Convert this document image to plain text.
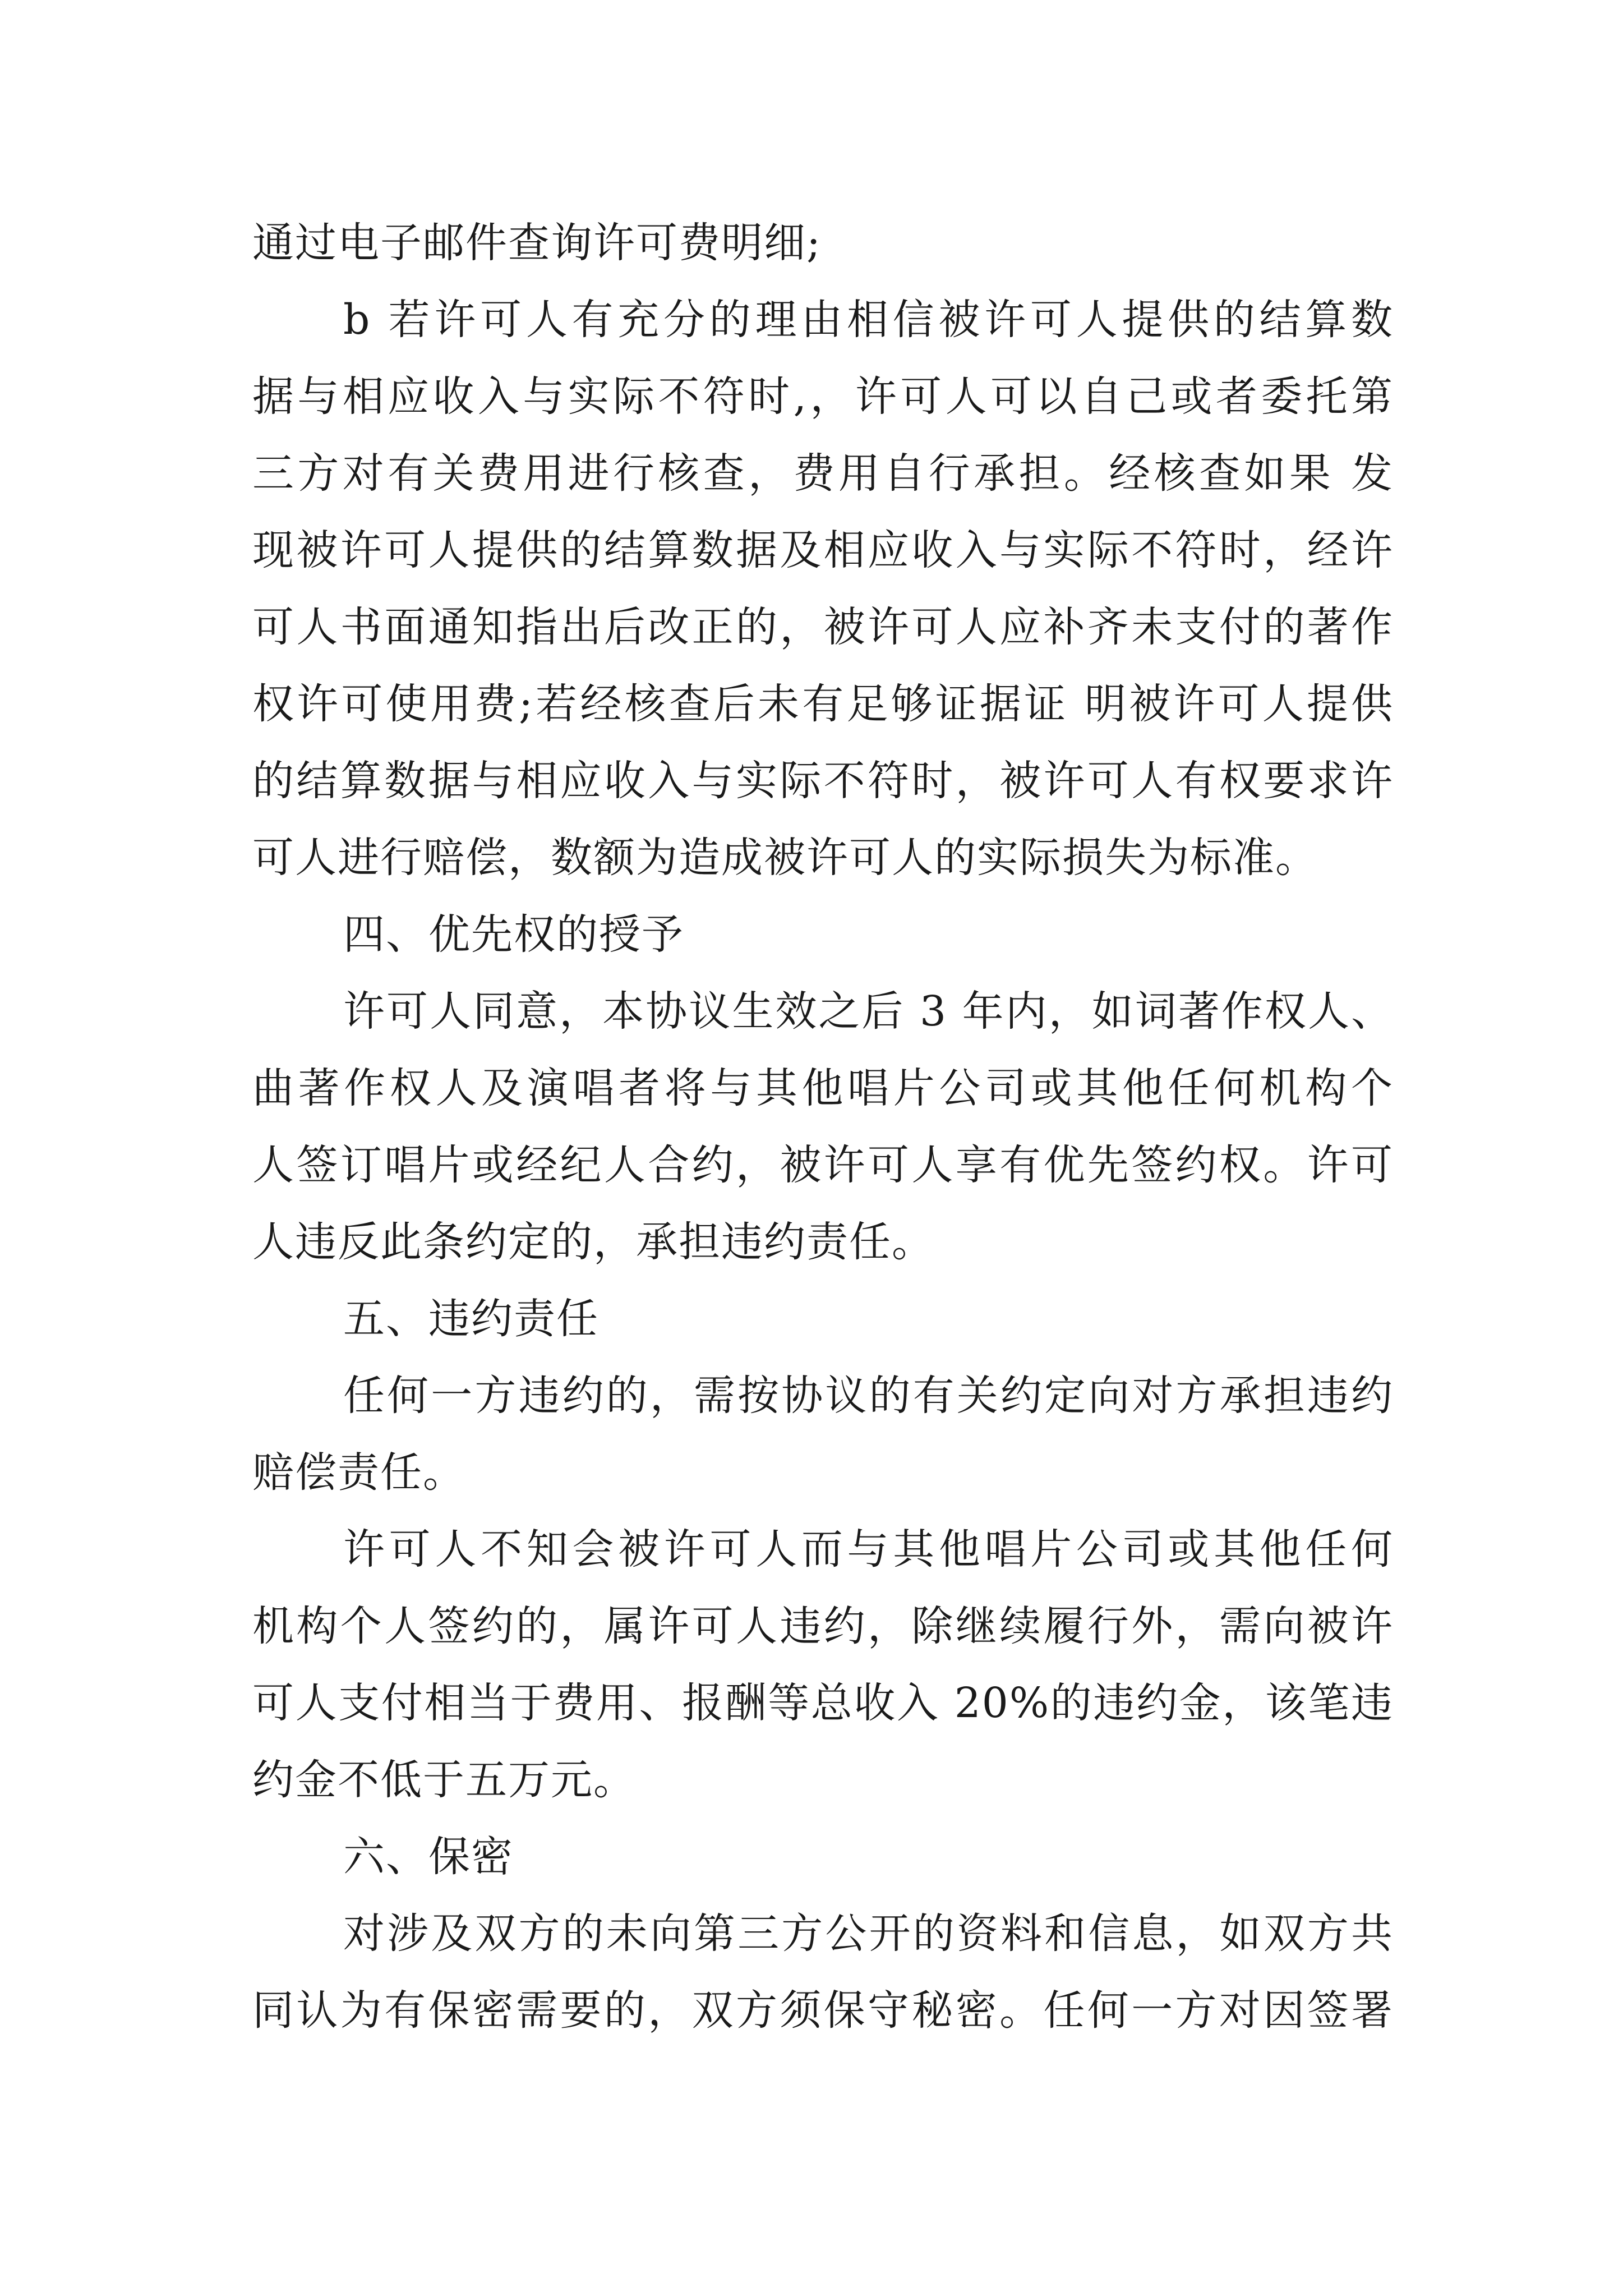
通过电子邮件查询许可费明细;
b 若许可人有充分的理由相信被许可人提供的结算数
据与相应收入与实际不符时,，许可人可以自己或者委托第
三方对有关费用进行核查，费用自行承担。经核查如果 发
现被许可人提供的结算数据及相应收入与实际不符时，经许
可人书面通知指出后改正的，被许可人应补齐未支付的著作
权许可使用费;若经核查后未有足够证据证 明被许可人提供
的结算数据与相应收入与实际不符时，被许可人有权要求许
可人进行赔偿，数额为造成被许可人的实际损失为标准。
四、优先权的授予
许可人同意，本协议生效之后 3 年内，如词著作权人、
曲著作权人及演唱者将与其他唱片公司或其他任何机构个
人签订唱片或经纪人合约，被许可人享有优先签约权。许可
人违反此条约定的，承担违约责任。
五、违约责任
任何一方违约的，需按协议的有关约定向对方承担违约
赔偿责任。
许可人不知会被许可人而与其他唱片公司或其他任何
机构个人签约的，属许可人违约，除继续履行外，需向被许
可人支付相当于费用、报酬等总收入 20%的违约金，该笔违
约金不低于五万元。
六、保密
对涉及双方的未向第三方公开的资料和信息，如双方共
同认为有保密需要的，双方须保守秘密。任何一方对因签署
